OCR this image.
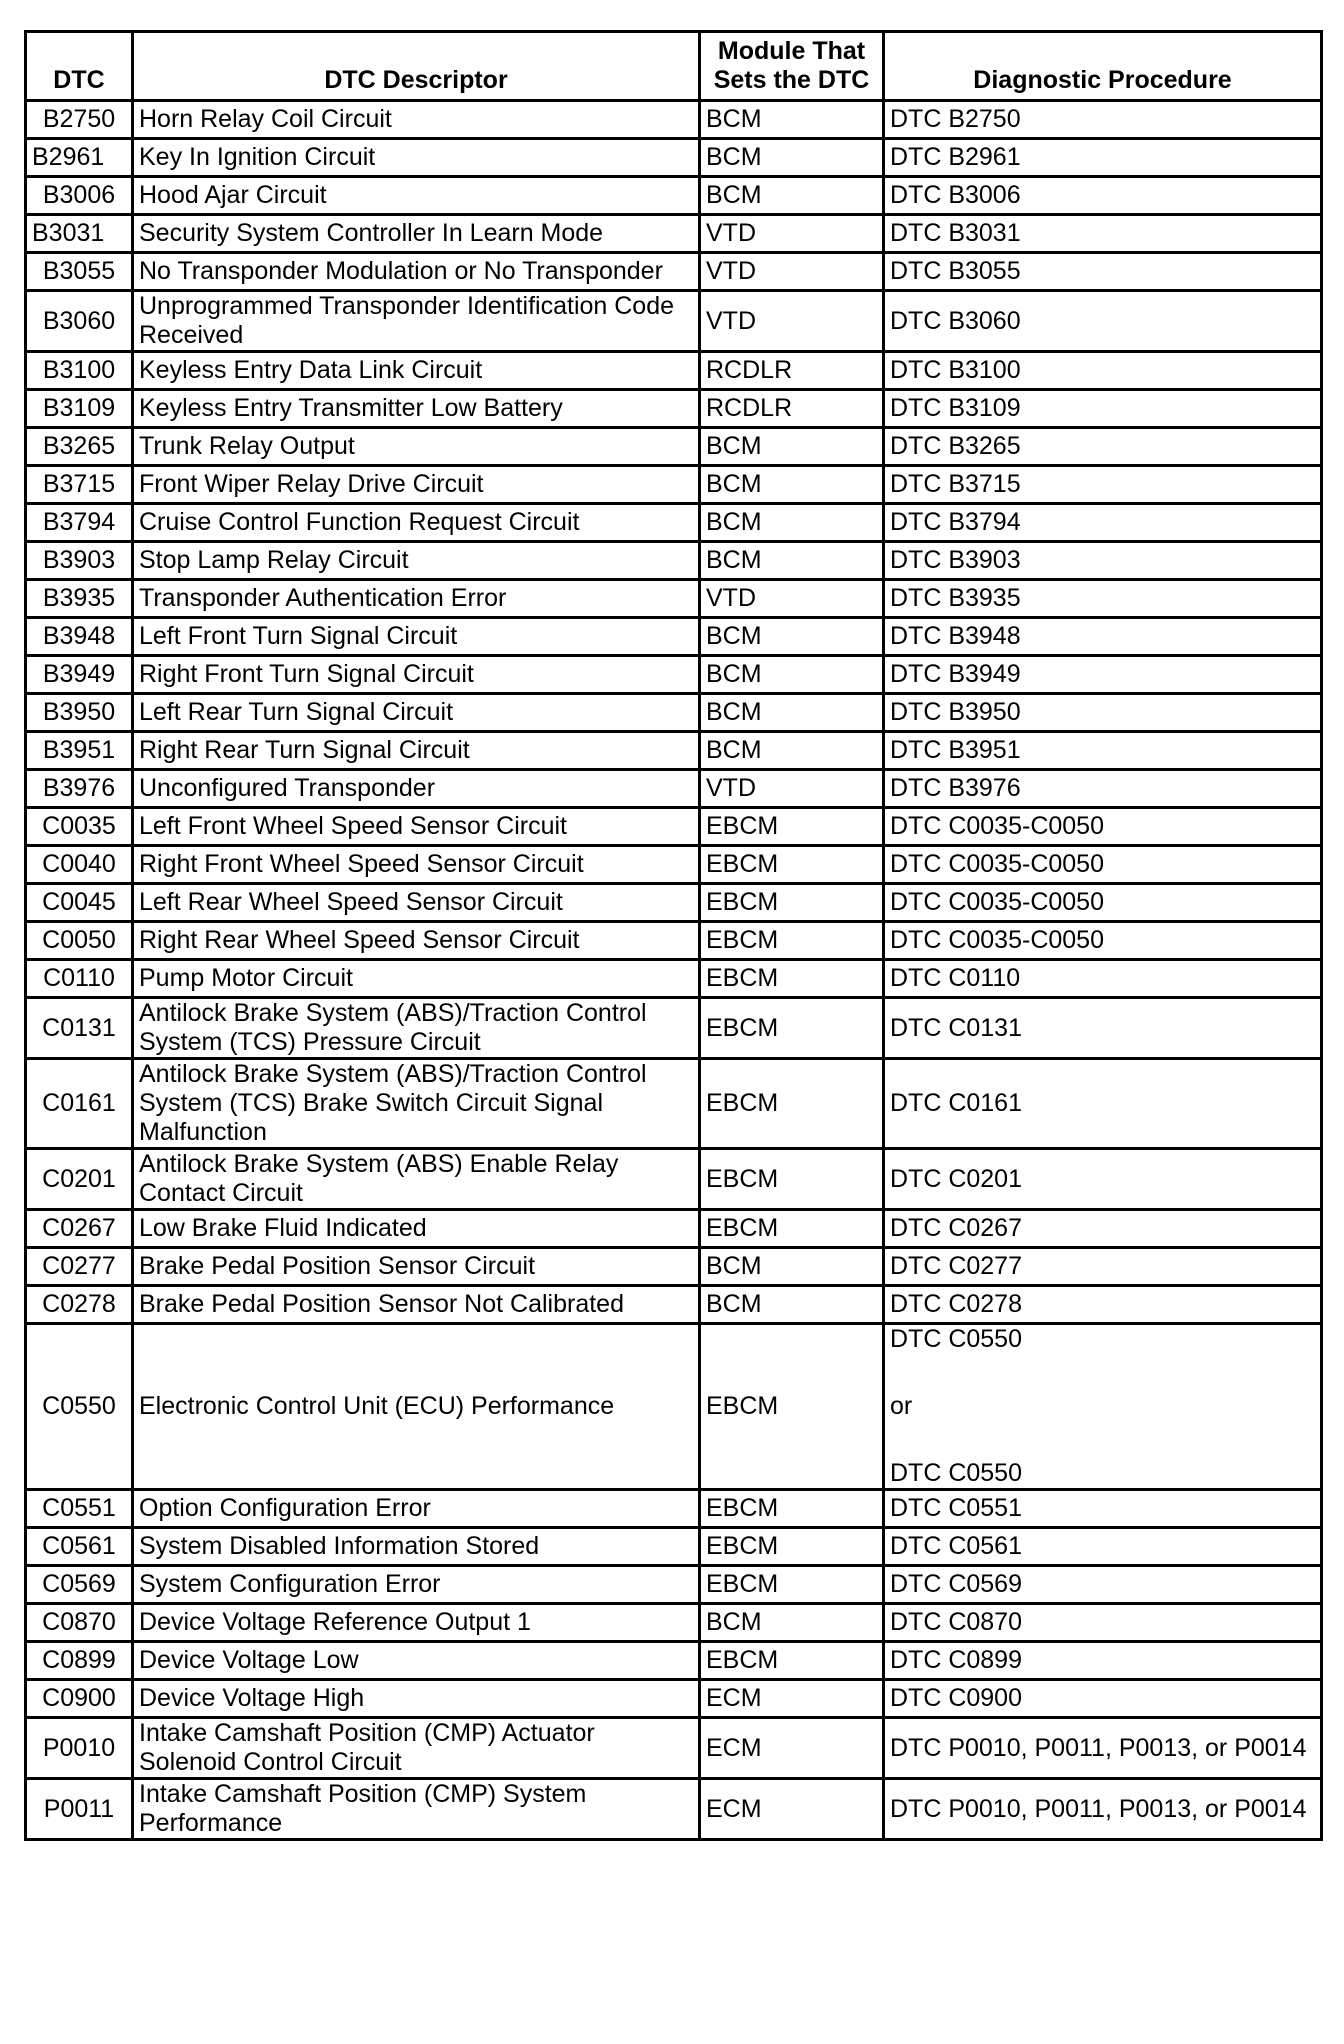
DTC	DTC Descriptor	Module That
Sets the DTC	Diagnostic Procedure
B2750	Horn Relay Coil Circuit	BCM	DTC B2750
B2961	Key In Ignition Circuit	BCM	DTC B2961
B3006	Hood Ajar Circuit	BCM	DTC B3006
B3031	Security System Controller In Learn Mode	VTD	DTC B3031
B3055	No Transponder Modulation or No Transponder	VTD	DTC B3055
B3060	Unprogrammed Transponder Identification Code Received	VTD	DTC B3060
B3100	Keyless Entry Data Link Circuit	RCDLR	DTC B3100
B3109	Keyless Entry Transmitter Low Battery	RCDLR	DTC B3109
B3265	Trunk Relay Output	BCM	DTC B3265
B3715	Front Wiper Relay Drive Circuit	BCM	DTC B3715
B3794	Cruise Control Function Request Circuit	BCM	DTC B3794
B3903	Stop Lamp Relay Circuit	BCM	DTC B3903
B3935	Transponder Authentication Error	VTD	DTC B3935
B3948	Left Front Turn Signal Circuit	BCM	DTC B3948
B3949	Right Front Turn Signal Circuit	BCM	DTC B3949
B3950	Left Rear Turn Signal Circuit	BCM	DTC B3950
B3951	Right Rear Turn Signal Circuit	BCM	DTC B3951
B3976	Unconfigured Transponder	VTD	DTC B3976
C0035	Left Front Wheel Speed Sensor Circuit	EBCM	DTC C0035-C0050
C0040	Right Front Wheel Speed Sensor Circuit	EBCM	DTC C0035-C0050
C0045	Left Rear Wheel Speed Sensor Circuit	EBCM	DTC C0035-C0050
C0050	Right Rear Wheel Speed Sensor Circuit	EBCM	DTC C0035-C0050
C0110	Pump Motor Circuit	EBCM	DTC C0110
C0131	Antilock Brake System (ABS)/Traction Control System (TCS) Pressure Circuit	EBCM	DTC C0131
C0161	Antilock Brake System (ABS)/Traction Control System (TCS) Brake Switch Circuit Signal Malfunction	EBCM	DTC C0161
C0201	Antilock Brake System (ABS) Enable Relay Contact Circuit	EBCM	DTC C0201
C0267	Low Brake Fluid Indicated	EBCM	DTC C0267
C0277	Brake Pedal Position Sensor Circuit	BCM	DTC C0277
C0278	Brake Pedal Position Sensor Not Calibrated	BCM	DTC C0278
C0550	Electronic Control Unit (ECU) Performance	EBCM	DTC C0550
or
DTC C0550

C0551	Option Configuration Error	EBCM	DTC C0551
C0561	System Disabled Information Stored	EBCM	DTC C0561
C0569	System Configuration Error	EBCM	DTC C0569
C0870	Device Voltage Reference Output 1	BCM	DTC C0870
C0899	Device Voltage Low	EBCM	DTC C0899
C0900	Device Voltage High	ECM	DTC C0900
P0010	Intake Camshaft Position (CMP) Actuator Solenoid Control Circuit	ECM	DTC P0010, P0011, P0013, or P0014
P0011	Intake Camshaft Position (CMP) System Performance	ECM	DTC P0010, P0011, P0013, or P0014
